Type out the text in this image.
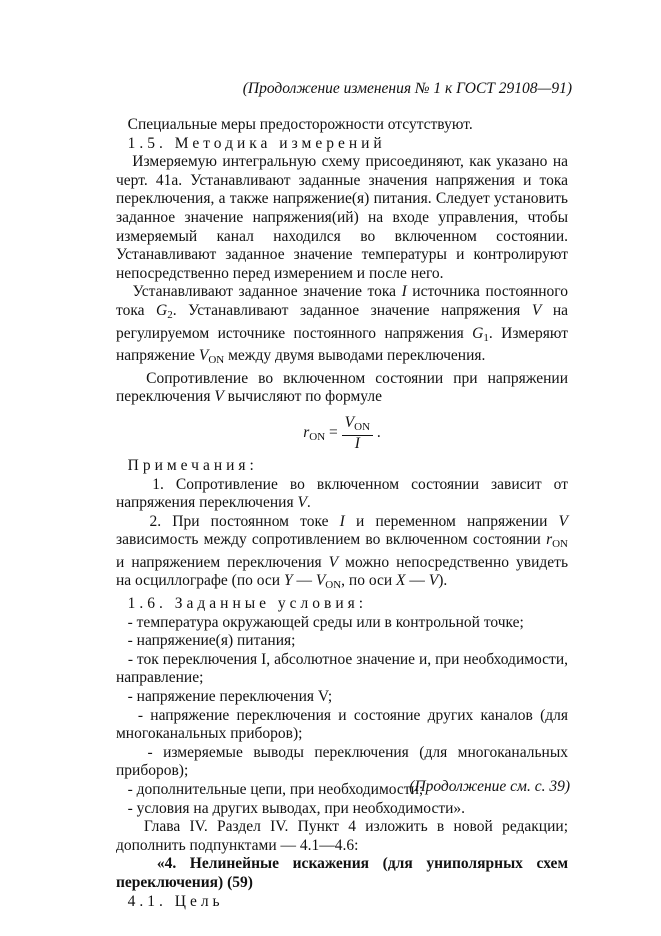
(Продолжение изменения № 1 к ГОСТ 29108—91)

Специальные меры предосторожности отсутствуют.

1.5. Методика измерений

Измеряемую интегральную схему присоединяют, как указано на черт. 41а. Устанавливают заданные значения напряжения и тока переключения, а также напряжение(я) питания. Следует установить заданное значение напряжения(ий) на входе управления, чтобы измеряемый канал находился во включенном состоянии. Устанавливают заданное значение температуры и контролируют непосредственно перед измерением и после него.

Устанавливают заданное значение тока I источника постоянного тока $G_2$. Устанавливают заданное значение напряжения V на регулируемом источнике постоянного напряжения $G_1$. Измеряют напряжение $V_{ON}$ между двумя выводами переключения.

Сопротивление во включенном состоянии при напряжении переключения V вычисляют по формуле

$r_{ON} = \frac{V_{ON}}{I}$ .

Примечания:

1. Сопротивление во включенном состоянии зависит от напряжения переключения V.

2. При постоянном токе I и переменном напряжении V зависимость между сопротивлением во включенном состоянии $r_{ON}$ и напряжением переключения V можно непосредственно увидеть на осциллографе (по оси Y — $V_{ON}$, по оси X — V).

1.6. Заданные условия:

- температура окружающей среды или в контрольной точке;

- напряжение(я) питания;

- ток переключения I, абсолютное значение и, при необходимости, направление;

- напряжение переключения V;

- напряжение переключения и состояние других каналов (для многоканальных приборов);

- измеряемые выводы переключения (для многоканальных приборов);

- дополнительные цепи, при необходимости;

- условия на других выводах, при необходимости».

Глава IV. Раздел IV. Пункт 4 изложить в новой редакции; дополнить подпунктами — 4.1—4.6:

«4. Нелинейные искажения (для униполярных схем переключения) (59)

4.1. Цель

(Продолжение см. с. 39)
